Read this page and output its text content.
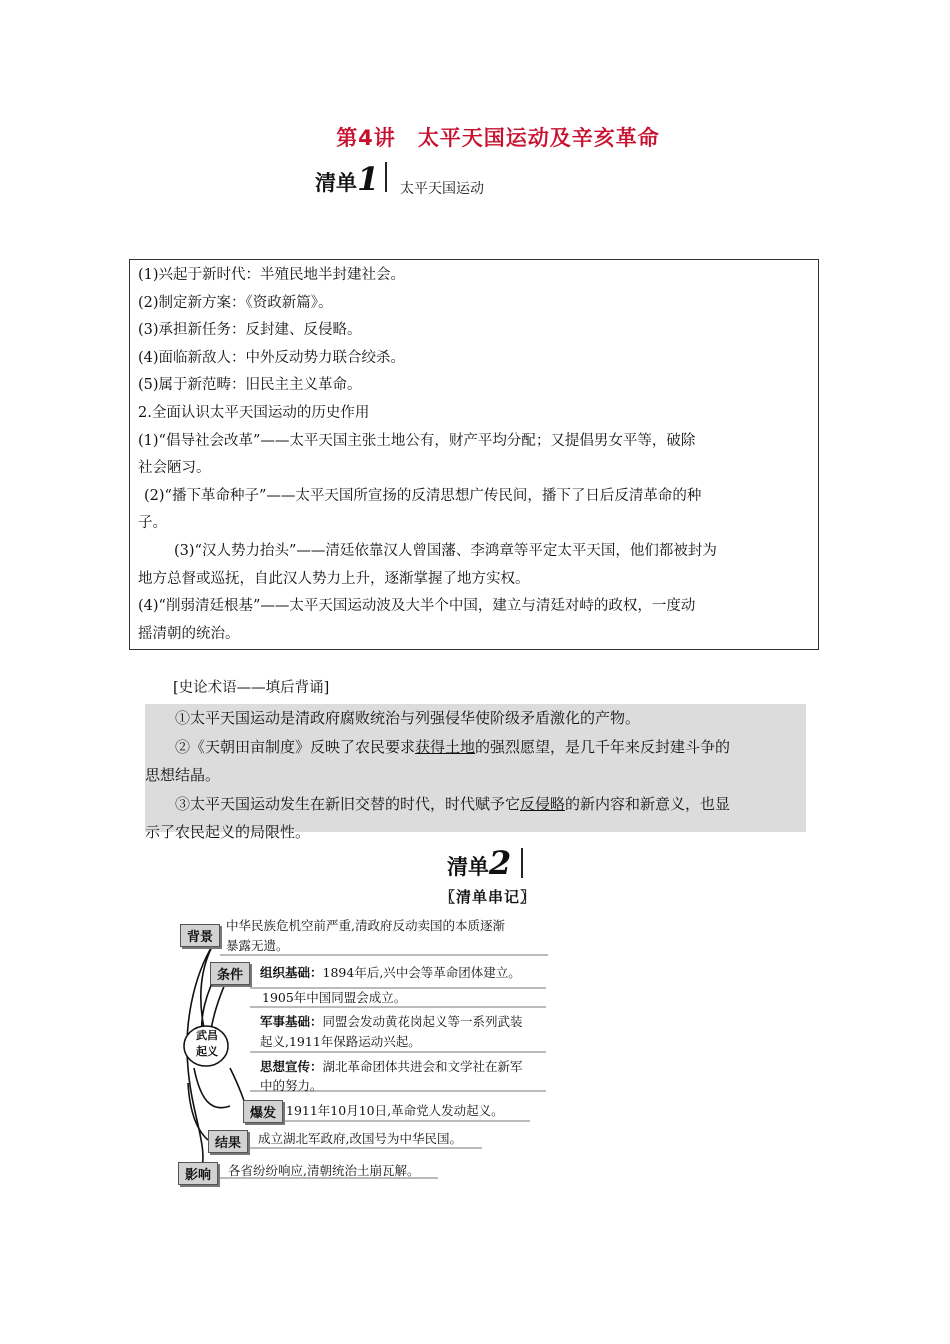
第4讲 太平天国运动及辛亥革命
清单1 太平天国运动

(1)兴起于新时代：半殖民地半封建社会。

(2)制定新方案：《资政新篇》。

(3)承担新任务：反封建、反侵略。

(4)面临新敌人：中外反动势力联合绞杀。

(5)属于新范畴：旧民主主义革命。

2.全面认识太平天国运动的历史作用

(1)“倡导社会改革”——太平天国主张土地公有，财产平均分配；又提倡男女平等，破除

社会陋习。

(2)“播下革命种子”——太平天国所宣扬的反清思想广传民间，播下了日后反清革命的种

子。

(3)“汉人势力抬头”——清廷依靠汉人曾国藩、李鸿章等平定太平天国，他们都被封为

地方总督或巡抚，自此汉人势力上升，逐渐掌握了地方实权。

(4)“削弱清廷根基”——太平天国运动波及大半个中国，建立与清廷对峙的政权，一度动

摇清朝的统治。

[史论术语——填后背诵]

①太平天国运动是清政府腐败统治与列强侵华使阶级矛盾激化的产物。

②《天朝田亩制度》反映了农民要求获得土地的强烈愿望，是几千年来反封建斗争的

思想结晶。

③太平天国运动发生在新旧交替的时代，时代赋予它反侵略的新内容和新意义，也显

示了农民起义的局限性。

清单2
〖清单串记〗
武昌
起义
背景
中华民族危机空前严重,清政府反动卖国的本质逐渐
暴露无遗。
条件	组织基础：1894年后,兴中会等革命团体建立。
1905年中国同盟会成立。
军事基础：同盟会发动黄花岗起义等一系列武装
起义,1911年保路运动兴起。
思想宣传：湖北革命团体共进会和文学社在新军
中的努力。
爆发 1911年10月10日,革命党人发动起义。
结果	成立湖北军政府,改国号为中华民国。
影响	各省纷纷响应,清朝统治土崩瓦解。
